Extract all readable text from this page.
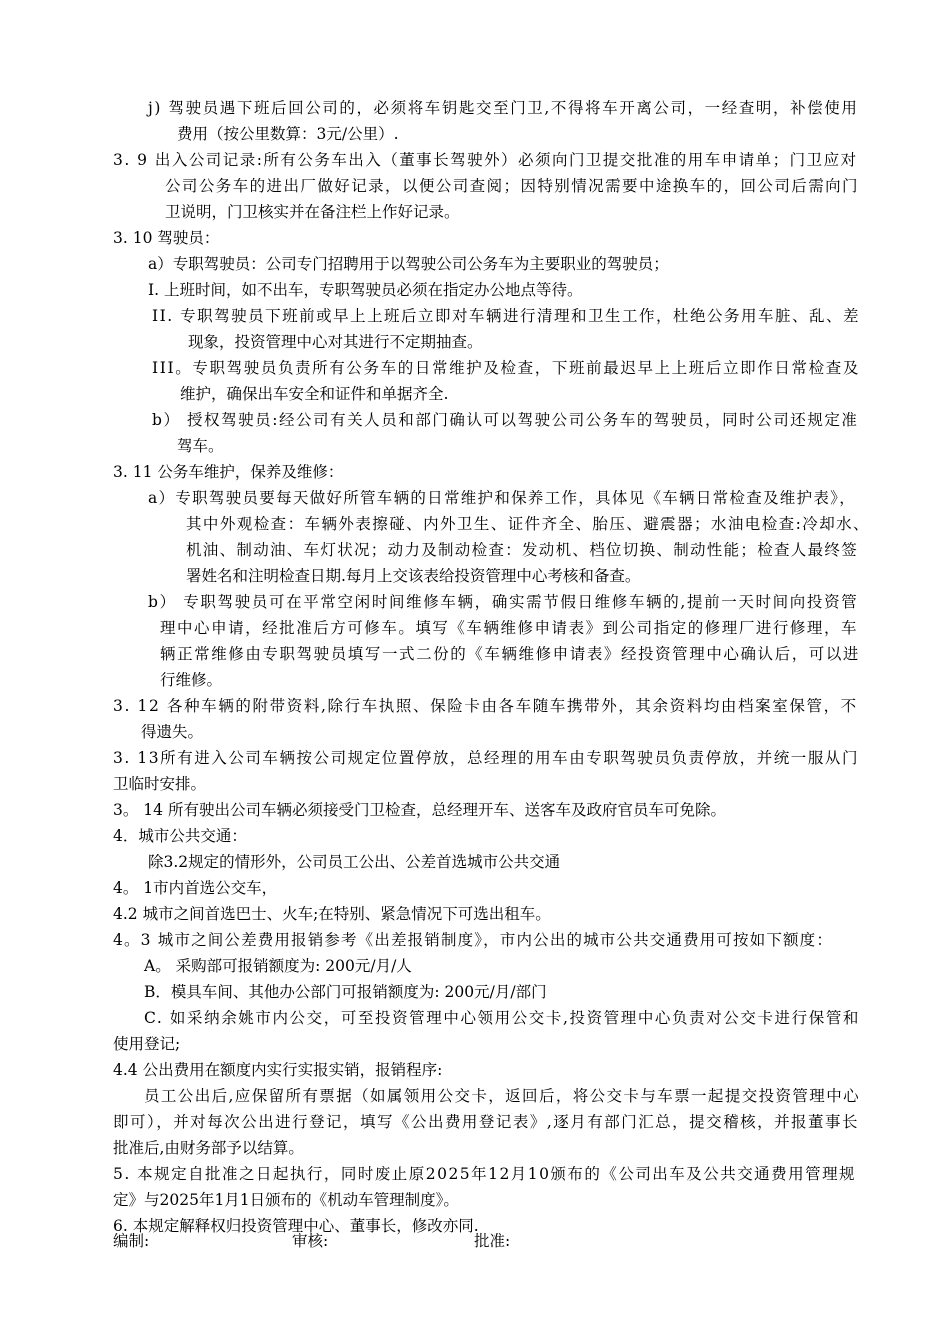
j) 驾驶员遇下班后回公司的，必须将车钥匙交至门卫,不得将车开离公司，一经查明，补偿使用
费用（按公里数算：3元/公里）.
3. 9 出入公司记录:所有公务车出入（董事长驾驶外）必须向门卫提交批准的用车申请单；门卫应对
公司公务车的进出厂做好记录，以便公司查阅；因特别情况需要中途换车的，回公司后需向门
卫说明，门卫核实并在备注栏上作好记录。
3. 10 驾驶员：
a）专职驾驶员：公司专门招聘用于以驾驶公司公务车为主要职业的驾驶员；
I. 上班时间，如不出车，专职驾驶员必须在指定办公地点等待。
II. 专职驾驶员下班前或早上上班后立即对车辆进行清理和卫生工作，杜绝公务用车脏、乱、差
现象，投资管理中心对其进行不定期抽查。
III。专职驾驶员负责所有公务车的日常维护及检查，下班前最迟早上上班后立即作日常检查及
维护，确保出车安全和证件和单据齐全.
b） 授权驾驶员:经公司有关人员和部门确认可以驾驶公司公务车的驾驶员，同时公司还规定准
驾车。
3. 11 公务车维护，保养及维修：
a）专职驾驶员要每天做好所管车辆的日常维护和保养工作，具体见《车辆日常检查及维护表》，
其中外观检查：车辆外表擦碰、内外卫生、证件齐全、胎压、避震器；水油电检查:冷却水、
机油、制动油、车灯状况；动力及制动检查：发动机、档位切换、制动性能；检查人最终签
署姓名和注明检查日期.每月上交该表给投资管理中心考核和备查。
b） 专职驾驶员可在平常空闲时间维修车辆，确实需节假日维修车辆的,提前一天时间向投资管
理中心申请，经批准后方可修车。填写《车辆维修申请表》到公司指定的修理厂进行修理，车
辆正常维修由专职驾驶员填写一式二份的《车辆维修申请表》经投资管理中心确认后，可以进
行维修。
3. 12 各种车辆的附带资料,除行车执照、保险卡由各车随车携带外，其余资料均由档案室保管，不
得遗失。
3. 13所有进入公司车辆按公司规定位置停放，总经理的用车由专职驾驶员负责停放，并统一服从门
卫临时安排。
3。 14 所有驶出公司车辆必须接受门卫检查，总经理开车、送客车及政府官员车可免除。
4．城市公共交通：
除3.2规定的情形外，公司员工公出、公差首选城市公共交通
4。 1市内首选公交车，
4.2 城市之间首选巴士、火车;在特别、紧急情况下可选出租车。
4。3 城市之间公差费用报销参考《出差报销制度》，市内公出的城市公共交通费用可按如下额度：
A。 采购部可报销额度为: 200元/月/人
B．模具车间、其他办公部门可报销额度为: 200元/月/部门
C. 如采纳余姚市内公交，可至投资管理中心领用公交卡,投资管理中心负责对公交卡进行保管和
使用登记;
4.4 公出费用在额度内实行实报实销，报销程序:
员工公出后,应保留所有票据（如属领用公交卡，返回后，将公交卡与车票一起提交投资管理中心
即可），并对每次公出进行登记，填写《公出费用登记表》,逐月有部门汇总，提交稽核，并报董事长
批准后,由财务部予以结算。
5. 本规定自批准之日起执行，同时废止原2025年12月10颁布的《公司出车及公共交通费用管理规
定》与2025年1月1日颁布的《机动车管理制度》。
6. 本规定解释权归投资管理中心、董事长，修改亦同.
编制:	审核:	批准:
